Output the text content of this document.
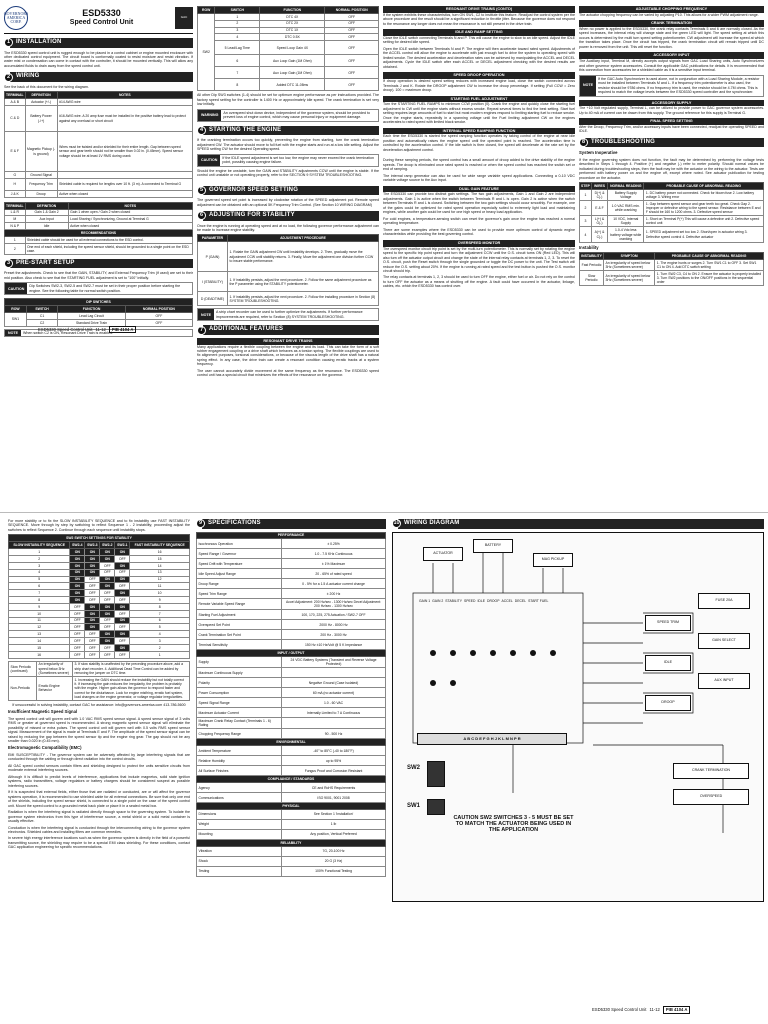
GOVERNORS AMERICA CORP.
ESD5330
Speed Control Unit
GAC
1 INSTALLATION

The ESD5330 speed control unit is rugged enough to be placed in a control cabinet or engine mounted enclosure with other dedicated control equipment. The circuit board is conformally coated to resist moisture and resist vibration. If water mist or condensation can come in contact with the controller, it should be mounted vertically. This will allow any accumulated fluids to drain away from the speed control unit.

2 WIRING

See the back of this document for the wiring diagram.

TERMINAL	DEFINITION	NOTES
A & B	Actuator (+/-)	#14 AWG wire
C & D	Battery Power (-/+)	#16 AWG wire. A 20 amp fuse must be installed in the positive battery lead to protect against any overload or short circuit
E & F	Magnetic Pickup (- is ground)	Wires must be twisted and/or shielded for their entire length. Gap between speed sensor and gear teeth should not be smaller than 0.02 in. (0.45mm). Speed sensor voltage should be at least 1V RMS during crank
G	Ground Signal	
H	Frequency Trim	Shielded cable is required for lengths over 10 ft. (3 m). A connected to Terminal G
J & K	Droop	Active when closed
TERMINAL	DEFINITION	NOTES
L & R	Gain 1 & Gain 2	Gain 1 when open / Gain 2 when closed
M	Aux Input	Load Sharing / Synchronizing, Ground at Terminal G
N & P	Idle	Active when closed
RECOMMENDATIONS		
1	Shielded cable should be used for all external connections to the ESD control.	
2	One end of each shield, including the speed sensor shield, should be grounded to a single point on the ESD case.	
3 PRE-START SETUP

Preset the adjustments. Check to see that the GAIN, STABILITY, and External Frequency Trim (if used) are set to their mid position. Also check to see that the STARTING FUEL adjustment is set to "100" initially.

CAUTION
Dip Switches SW2-3, SW2-5 and SW2-7 must be set in their proper position before starting the engine. See the following table for normal switch position.
DIP SWITCHES			
ROW	SWITCH	FUNCTION	NORMAL POSITION
SW1	C1	Lead Lag Circuit	OFF
	C2	Standard Drive Train	OFF
NOTE	When switch C2 is ON, Resonant Drive Train is enabled.
ESD5330 Speed Control Unit 11-12	PIB 4104 A
ROW	SWITCH	FUNCTION	NORMAL POSITION
SW2	1	DTC 4X	OFF
	2	DTC 2X	OFF
	3	DTC 1X	OFF
	4	DTC 0.5X	OFF
	5 Lead/Lag Time	Speed Loop Gain 4X	OFF
	6	Aux Loop Gain (1M Ohm)	OFF
	7	Aux Loop Gain (1M Ohm)	OFF
	8	Added DTC 11-08ms	OFF

All other Dip SW3 switches (1-4) should be set for optimum engine performance as per instructions provided. The factory speed setting for the controller is 1400 Hz or approximately idle speed. The crank termination is set very low initially.

WARNING
An overspeed shut down device, independent of the governor system, should be provided to prevent loss of engine control, which may cause personal injury or equipment damage.
4 STARTING THE ENGINE

If the cranking termination occurs too quickly, preventing the engine from starting, turn the crank termination adjustment CW. The actuator should move to full fuel with the engine starts and run at a low idle setting. Adjust the SPEED setting CW for the desired Operating speed.

CAUTION
If the IDLE speed adjustment is set too low, the engine may never exceed the crank termination point, possibly causing engine failure.

Should the engine be unstable, turn the GAIN and STABILITY adjustments CCW until the engine is stable. If the control unit unstable or not operating properly, refer to the SECTION 9 SYSTEM TROUBLESHOOTING.

5 GOVERNOR SPEED SETTING

The governed speed set point is increased by clockwise rotation of the SPEED adjustment pot. Remote speed adjustment can be obtained with an optional 5K Frequency Trim Control. (See Section 10 WIRING DIAGRAM)

6 ADJUSTING FOR STABILITY

Once the engine is running at operating speed and at no load, the following governor performance adjustment can be made to increase engine stability.

PARAMETER	ADJUSTMENT PROCEDURE
P (GAIN)	1. Rotate the GAIN adjustment CW until instability develops. 2. Then, gradually move the adjustment CCW until stability returns. 3. Finally, Move the adjustment one division further CCW to insure stable performance.
I (STABILITY)	1. If instability persists, adjust the next procedure. 2. Follow the same adjustment procedure as the P parameter using the STABILITY potentiometer.
D (DEADTIME)	1. If instability persists, adjust the next procedure. 2. Follow the installing procedure in Section (8) SYSTEM TROUBLESHOOTING.
NOTE
A strip chart recorder can be used to further optimize the adjustments. If further performance improvements are required, refer to Section (8) SYSTEM TROUBLESHOOTING.
7 ADDITIONAL FEATURES
RESONANT DRIVE TRAINS

Many applications require a flexible coupling between the engine and its load. This can take the form of a soft rubber engagement coupling or a drive shaft which behaves as a torsion spring. The flexible couplings are used to fix alignment purposes, torsional considerations, or because of the viscous length of the drive shaft has a natural spring effect. In any case, the drive train can create a resonant condition causing erratic tracks at a system frequency.

The user cannot accurately divide movement at the same frequency as the resonance. The ESD5330 speed control unit has a special circuit that minimizes the effects of the resonance on the governor.

RESONANT DRIVE TRAINS (CONTD)

If the system exhibits these characteristics, turn ON SW1, C2 to institute this feature. Readjust the control system per the above procedure and the result should be a significant reduction in throttle jitter. Because the governor does not respond to the resonance any longer does not mean the resonance is not still present in the drive train.

IDLE AND RAMP SETTING

Close the IDLE switch connecting Terminals N and P. This will cause the engine to slow to an idle speed. Adjust the IDLE setting for desired idle speed.

Open the IDLE switch between Terminals N and P. The engine will then accelerate toward rated speed. Adjustments of the ACCEL control will allow the engine to accelerate with just enough fuel to drive the system to operating speed with limited smoke. The desired acceleration and deceleration rates can be achieved by manipulating the ACCEL and DECEL adjustments. Cycle the IDLE switch after each ACCEL or DECEL adjustment checking with the desired results are obtained.

SPEED DROOP OPERATION

If droop operation is desired speed setting reduces with increased engine load, close the switch connected across Terminals J and K. Rotate the DROOP adjustment CW to increase the droop percentage. If setting (Full CCW = Zero droop). 100 = maximum droop.

STARTING FUEL ADJUSTMENT

Turn the STARTING FUEL RAMPS to minimum CCW position (0). Crank the engine and quickly close the starting fuel adjustment to CW until the engine starts without excess smoke. Repeat several times to find the best setting. Start fuel setting requires large amounts of fuel to start but most modern engines respond to limiting starting fuel to reduce smoke. Once the engine starts, repeatedly in a spanning voltage until the Fuel limiting adjustment CW on the engines accelerates to rated speed with limited black smoke.

INTERNAL SPEED RAMPING FUNCTION

Each time the ESD5330 is started the speed ramping function operates by taking control of the engine at near idle position and automatically raises the engine speed until the operated point is reached. The acceleration time is controlled by the acceleration control. If the idle switch is then closed, the speed will decelerate at the rate set by the deceleration adjustment control.

During these ramping periods, the speed control has a small amount of droop added to the drive stability of the engine speeds. The droop is eliminated once rated speed is reached or when the speed control has reached the switch set or end of ramping.

The internal ramp generator can also be used for wide range variable speed applications. Connecting a 0-10 VDC variable voltage source to the Aux input.

DUAL GAIN FEATURE

The ESD5330 can provide two distinct gain settings. The two gain adjustments, Gain 1 and Gain 2 are independent adjustments. Gain 1 is active when the switch between Terminals R and L is open. Gain 2 is active when the switch between Terminals R and L is closed. Switching between the two gain settings should occur smoothly. For example, one of the gains could be optimized for rated speed operation especially suited to extremely light load and maintaining engines, while another gain could be used for one high speed or heavy load application.

For cold engines, a temperature-sensing switch can reset the governor's gain once the engine has reached a normal operating temperature.

There are some examples where the ESD5330 can be used to provide more optimum control of dynamic engine characteristics while providing the best governing control.

OVERSPEED MONITOR

The overspeed monitor circuit trip point is set by the multi-turn potentiometer. This is normally set by rotating the engine speed to the specific trip point speed and turn the adjustment CCW until the O.S. circuit turns ON (Red LED). This will also turn off the actuator output circuit and change the state of the internal relay contacts at terminals 1, 2, 3. To reset the O.S. circuit, push the Reset switch through the single grounded or toggle the DC power to the unit. The Test switch will reduce the O.S. setting about 20%. If the engine is running at rated speed and the test button is pushed the O.S. monitor circuit should trip.

The relay contacts at terminals 1, 2, 3 should be used to turn OFF the engine, either fuel or air. Do not rely on the control to turn OFF the actuator as a means of shutting off the engine. A fault could have occurred in the actuator, linkage, cables, etc. which the ESD5330 has control over.

ADJUSTABLE CHOPPING FREQUENCY

The actuator chopping frequency can be varied by adjusting P10. This allows for a wider PWM adjustment range.

CRANK TERMINATION

When no power is applied to the ESD5330, the crank relay contacts Terminals 5 and 6 are normally closed. As the speed increases, the internal relay will change state and the green LED will light. The speed setting at which this occurs is determined by the multi turn speed setting potentiometer. CW adjustment will increase the speed at which the transition takes place. Once the circuit has tripped, the crank termination circuit will remain tripped until DC power is removed from the unit. This will reset the function.

ACCESSORY INPUT

The Auxiliary input, Terminal M, directly accepts output signals from GAC Load Sharing units, Auto Synchronizers and other governor system accessories. Consult the applicable GAC publications for details. It is recommended that this connection from accessories be a shielded cable as it is a sensitive input terminal.

NOTE
If the GAC Auto Synchronizer is used alone, not in conjunction with a Load Sharing Module, a resistor must be installed between Terminals M and L. If a frequency trim potentiometer is also used, the resistor should be 9786 ohms. If no frequency trim is used, the resistor should be 4.7M ohms. This is required to match the voltage levels between the ESD5330 speed controller and the synchronizer.
ACCESSORY SUPPLY

The +10 Volt regulated supply, Terminal L, can be utilized to provide power to GAC governor system accessories. Up to 40 mA of current can be drawn from this supply. The ground reference for this supply is Terminal G.

FINAL SPEED SETTING

After the Droop, Frequency Trim, and/or accessory inputs have been connected, readjust the operating SPEED and IDLE.

8 TROUBLESHOOTING
System Inoperative

If the engine governing system does not function, the fault may be determined by performing the voltage tests described in Steps 1 through 4. Positive (+) and negative (-) refer to meter polarity. Should normal values be indicated during troubleshooting steps, then the fault may be with the actuator or the wiring to the actuator. Tests are performed with battery power on and the engine off, except where noted. See actuator publication for testing procedure on the actuator.

STEP	WIRES	NORMAL READING	PROBABLE CAUSE OF ABNORMAL READING
1	D(+) & C(-)	Battery Supply Voltage	1. DC battery power not connected. Check for blown fuse 2. Low battery voltage 3. Wiring error
2	E & F	1.0 VAC RMS min. while cranking	1. Gap between speed sensor and gear teeth too great. Check Gap 2. Improper or defective wiring to the speed sensor. Resistance between E and F should be 160 to 1200 ohms. 3. Defective speed sensor
3	L(+) & G(-)	10 VDC, Internal Supply	1. Short on Terminal P(+) This will cause a defective unit 2. Defective speed control unit
4	A(+) & C(-)	1.0-4 Vdc less battery voltage while cranking	1. SPEED adjustment set too low 2. Short/open in actuator wiring 3. Defective speed control 4. Defective actuator
Instability
INSTABILITY	SYMPTOM	PROBABLE CAUSE OF ABNORMAL READING
Fast Periodic	An irregularity of speed below 3Hz (Sometimes severe)	1. The engine hunts or surges 2. Turn SW1 C1 to OFF 3. Set SW1 C1 to ON 4. Add DTC switch setting
Slow Periodic	An irregularity of speed below 3Hz (Sometimes severe)	1. Turn SW2 C3, C4 to ON 2. Ensure the actuator is properly installed 3. Turn SW2 positions to the ON/OFF positions in the sequential order

For more stability or to fix the SLOW INSTABILITY SEQUENCE and to fix instability use FAST INSTABILITY SEQUENCE. Move through by step by switching to reflect Sequence 1 - 2 instability; proceeding adjust the switches to reflect Sequence 2. Continue through each sequence until instability stops.

SW2 SWITCH SETTINGS FOR STABILITY					
SLOW INSTABILITY SEQUENCE	SW2-4	SW2-3	SW2-2	SW2-1	FAST INSTABILITY SEQUENCE
1	ON	ON	ON	ON	16
2	ON	ON	ON	OFF	15
3	ON	ON	OFF	ON	14
4	ON	ON	OFF	OFF	13
5	ON	OFF	ON	ON	12
6	ON	OFF	ON	OFF	11
7	ON	OFF	OFF	ON	10
8	ON	OFF	OFF	OFF	9
9	OFF	ON	ON	ON	8
10	OFF	ON	ON	OFF	7
11	OFF	ON	OFF	ON	6
12	OFF	ON	OFF	OFF	5
13	OFF	OFF	ON	ON	4
14	OFF	OFF	ON	OFF	3
15	OFF	OFF	OFF	ON	2
16	OFF	OFF	OFF	OFF	1
Slow Periodic (continued)	An irregularity of speed below 3Hz (Sometimes severe)	3. If slow stability is unaffected by the preceding procedure above, add a strip chart recorder. 4. Additional Dead Time Control can be added by removing the jumper on DTC time.
Non-Periodic	Erratic Engine Behavior	1. Increasing the GAIN should reduce the instability but not totally correct it. If increasing the gain reduces the irregularity, the problem is probably with the engine. Higher gain allows the governor to respond faster and correct for the disturbance. Look for engine misfiring, erratic fuel system, load changes on the engine generator, or voltage regulator irregularities.

If unsuccessful in solving instability, contact GAC for assistance: info@governors-america.com 413-786-5600

Insufficient Magnetic Speed Signal

The speed control unit will govern well with 1.0 VAC RMS speed sensor signal. A speed sensor signal of 3 volts RMS or greater at governed speed is recommended. A strong magnetic speed sensor signal will eliminate the possibility of missed or extra pulses. The speed control unit will govern well with 0.5 volts RMS speed sensor signal. Measurement of the signal is made at Terminals E and F. The amplitude of the speed sensor signal can be raised by reducing the gap between the speed sensor tip and the engine ring gear. The gap should not be any smaller than 0.020 in (0.45 mm).

Electromagnetic Compatibility (EMC)

EMI SUSCEPTIBILITY - The governor system can be adversely affected by large interfering signals that are conducted through the cabling or through direct radiation into the control circuits.

All GAC speed control sensors contain filters and shielding designed to protect the units sensitive circuits from moderate external interfering sources.

Although it is difficult to predict levels of interference, applications that include magnetos, solid state ignition systems, radio transmitters, voltage regulators or battery chargers should be considered suspect as possible interfering sources.

If it is suspected that external fields, either those that are radiated or conducted, are or will affect the governor systems operation, it is recommended to use shielded cable for all external connections. Be sure that only one end of the shields, including the speed sensor shield, is connected to a single point on the case of the speed control unit. Mount the speed control to a grounded metal back plate or place it in a sealed metal box.

Radiation is when the interfering signal is radiated directly through space to the governing system. To isolate the governor system electronics from this type of interference source, a metal shield or a solid metal container is usually effective.

Conduction is when the interfering signal is conducted through the interconnecting wiring to the governor system electronics. Shielded cables and installing filters are common remedies.

In severe high energy interference locations such as when the governor system is directly in the field of a powerful transmitting source, the shielding may require to be a special EMI class shielding. For these conditions, contact GAC application engineering for specific recommendations.

9 SPECIFICATIONS
PERFORMANCE	
Isochronous Operation	± 0.25%
Speed Range / Governor	1.0 - 7.5 KHz Continuous
Speed Drift with Temperature	± 1% Maximum
Idle Speed Adjust Range	20 - 65% of rated speed
Droop Range	0 - 5% for a 1.5 A actuator current change
Speed Trim Range	± 200 Hz
Remote Variable Speed Range	Accel Adjustment: 200 Hz/sec - 1300 Hz/sec Decel Adjustment: 200 Hz/sec - 1300 Hz/sec
Starting Fuel Adjustment	100, 170, 225, 275 Actuation / SW2-7 OFF
Overspeed Set Point	2000 Hz - 8000 Hz
Crank Termination Set Point	200 Hz - 3000 Hz
Terminal Sensitivity	150 Hz ±10 Hz/Volt @ 5 K Impedance
INPUT / OUTPUT	
Supply	24 VDC Battery Systems (Transient and Reverse Voltage Protected)
Maximum Continuous Supply	
Polarity	Negative Ground (Case Isolated)
Power Consumption	60 mA (no actuator current)
Speed Signal Range	1.0 - 60 VAC
Maximum Actuator Current	Internally Limited to 7 A Continuous
Maximum Crank Relay Contact (Terminals 1 - 6) Rating	
Chopping Frequency Range	90 - 500 Hz
ENVIRONMENTAL	
Ambient Temperature	-40° to 85°C (-40 to 180°F)
Relative Humidity	up to 95%
All Surface Finishes	Fungus Proof and Corrosion Resistant
COMPLIANCE / STANDARDS	
Agency	CE and RoHS Requirements
Communications	ISO 9001, 9001 2008
PHYSICAL	
Dimensions	See Section 1 'Installation'
Weight	1 lb
Mounting	Any position, Vertical Preferred
RELIABILITY	
Vibration	7G, 20-100 Hz
Shock	20 G (3 Hz)
Testing	100% Functional Testing
10 WIRING DIAGRAM
ACTUATOR
BATTERY
MAG PICKUP
SPEED TRIM
IDLE
DROOP
GAIN SELECT
AUX INPUT
FUSE 20A
CRANK TERMINATION
OVERSPEED
GAIN 1 GAIN 2 STABILITY SPEED IDLE DROOP ACCEL DECEL START FUEL
A B C D E F G H J K L M N P R
SW2
SW1
CAUTION SW2 SWITCHES 3 - 5 MUST BE SET TO MATCH THE ACTUATOR BEING USED IN THE APPLICATION
ESD5330 Speed Control Unit 11-12	PIB 4104 A
